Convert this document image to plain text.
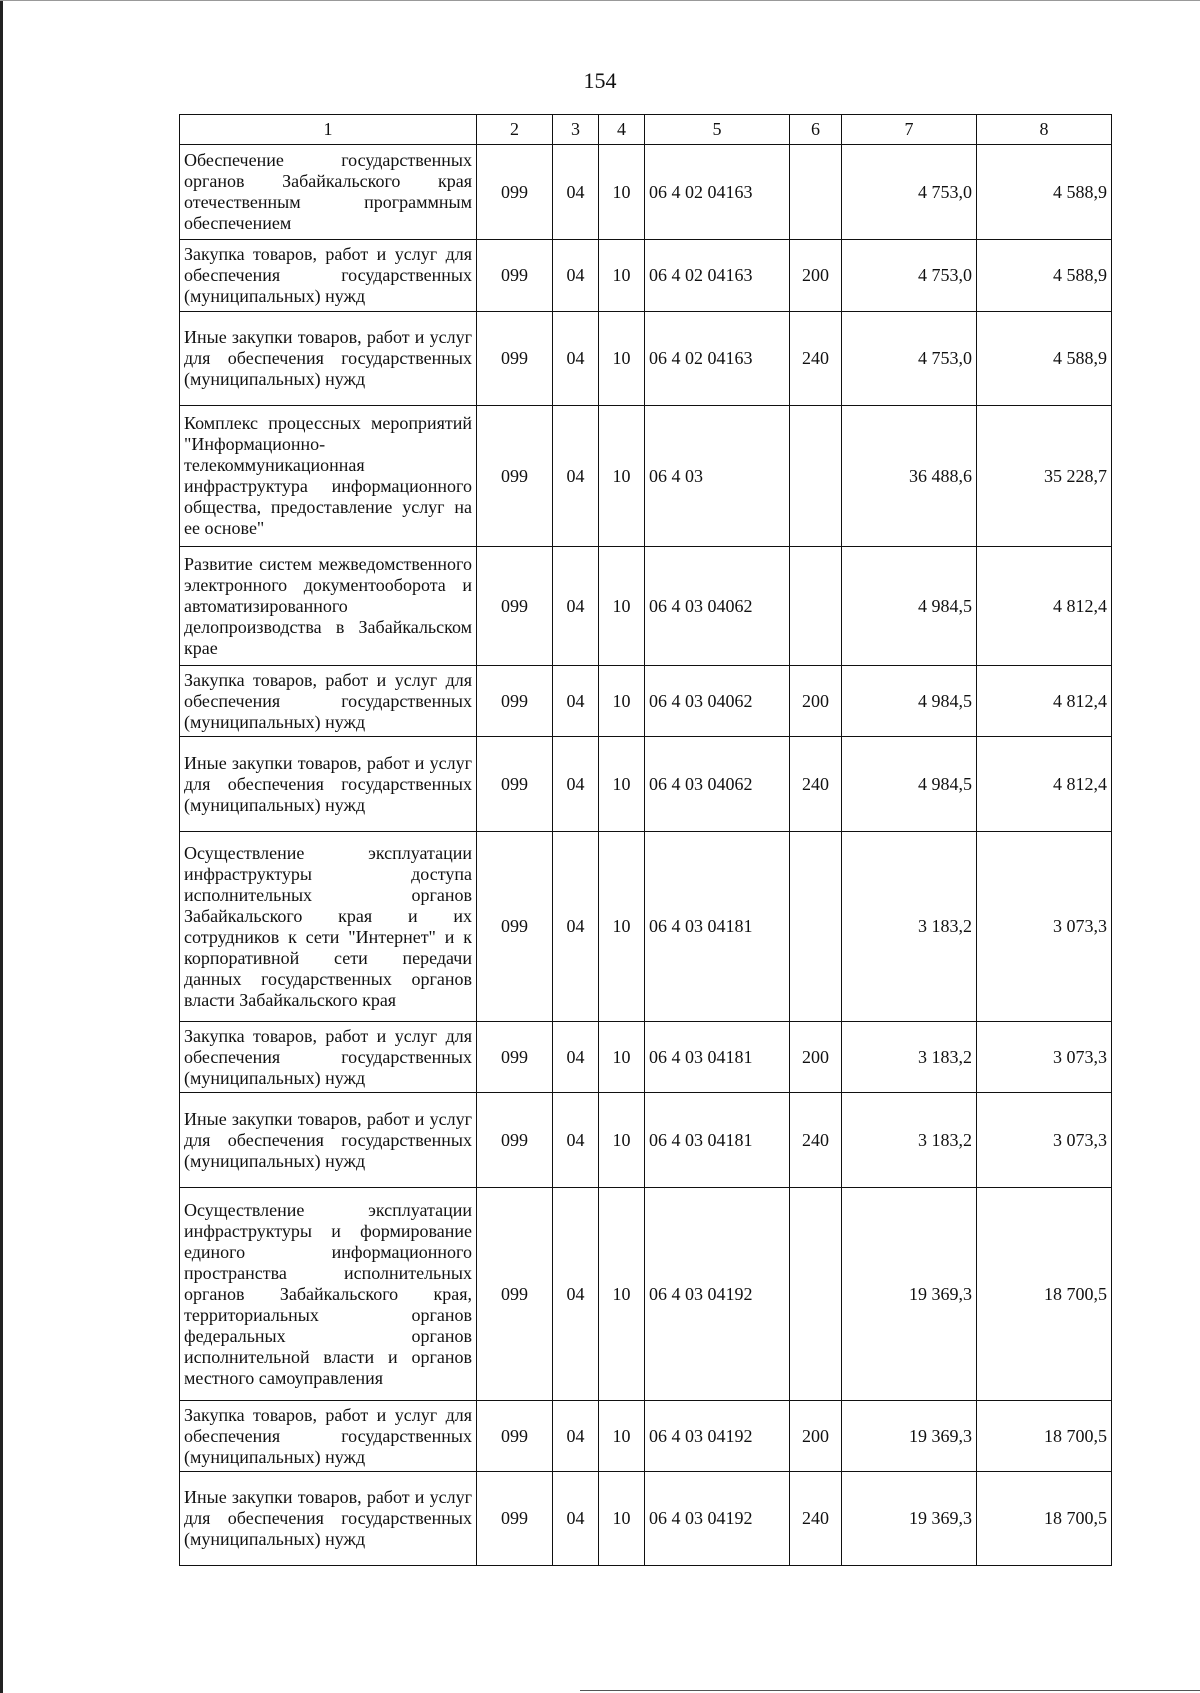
154
1	2	3	4	5	6	7	8
Обеспечение государственных органов Забайкальского края отечественным программным обеспечением	099	04	10	06 4 02 04163		4 753,0	4 588,9
Закупка товаров, работ и услуг для обеспечения государственных (муниципальных) нужд	099	04	10	06 4 02 04163	200	4 753,0	4 588,9
Иные закупки товаров, работ и услуг для обеспечения государственных (муниципальных) нужд	099	04	10	06 4 02 04163	240	4 753,0	4 588,9
Комплекс процессных мероприятий "Информационно-телекоммуникационная инфраструктура информационного общества, предоставление услуг на ее основе"	099	04	10	06 4 03		36 488,6	35 228,7
Развитие систем межведомственного электронного документооборота и автоматизированного делопроизводства в Забайкальском крае	099	04	10	06 4 03 04062		4 984,5	4 812,4
Закупка товаров, работ и услуг для обеспечения государственных (муниципальных) нужд	099	04	10	06 4 03 04062	200	4 984,5	4 812,4
Иные закупки товаров, работ и услуг для обеспечения государственных (муниципальных) нужд	099	04	10	06 4 03 04062	240	4 984,5	4 812,4
Осуществление эксплуатации инфраструктуры доступа исполнительных органов Забайкальского края и их сотрудников к сети "Интернет" и к корпоративной сети передачи данных государственных органов власти Забайкальского края	099	04	10	06 4 03 04181		3 183,2	3 073,3
Закупка товаров, работ и услуг для обеспечения государственных (муниципальных) нужд	099	04	10	06 4 03 04181	200	3 183,2	3 073,3
Иные закупки товаров, работ и услуг для обеспечения государственных (муниципальных) нужд	099	04	10	06 4 03 04181	240	3 183,2	3 073,3
Осуществление эксплуатации инфраструктуры и формирование единого информационного пространства исполнительных органов Забайкальского края, территориальных органов федеральных органов исполнительной власти и органов местного самоуправления	099	04	10	06 4 03 04192		19 369,3	18 700,5
Закупка товаров, работ и услуг для обеспечения государственных (муниципальных) нужд	099	04	10	06 4 03 04192	200	19 369,3	18 700,5
Иные закупки товаров, работ и услуг для обеспечения государственных (муниципальных) нужд	099	04	10	06 4 03 04192	240	19 369,3	18 700,5
